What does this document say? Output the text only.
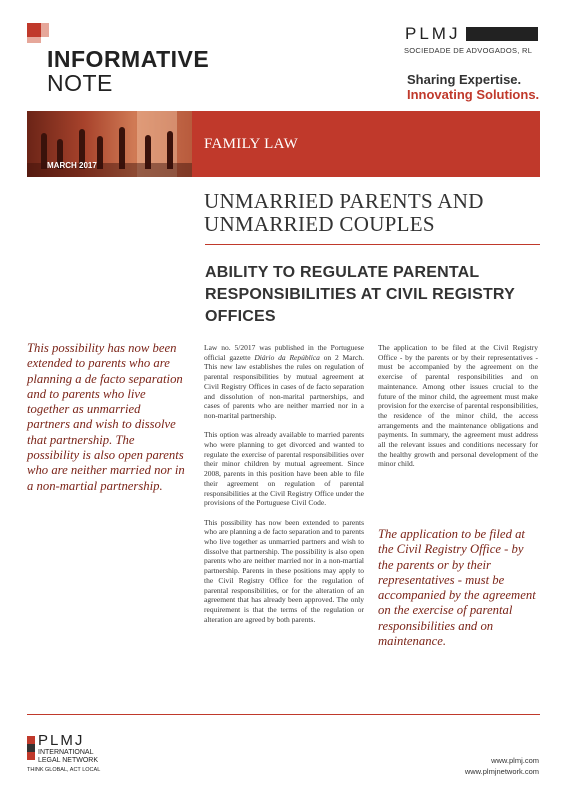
INFORMATIVE
NOTE
PLMJ
SOCIEDADE DE ADVOGADOS, RL
Sharing Expertise.
Innovating Solutions.
MARCH 2017
FAMILY LAW
UNMARRIED PARENTS AND
UNMARRIED COUPLES
ABILITY TO REGULATE PARENTAL
RESPONSIBILITIES AT CIVIL REGISTRY
OFFICES
This possibility has now been extended to parents who are planning a de facto separation and to parents who live together as unmarried partners and wish to dissolve that partnership. The possibility is also open parents who are neither married nor in a non-martial partnership.

Law no. 5/2017 was published in the Portuguese official gazette Diário da República on 2 March. This new law establishes the rules on regulation of parental responsibilities by mutual agreement at Civil Registry Offices in cases of de facto separation and dissolution of non-marital partnerships, and cases of parents who are neither married nor in a non-marital partnership.

This option was already available to married parents who were planning to get divorced and wanted to regulate the exercise of parental responsibilities over their minor children by mutual agreement. Since 2008, parents in this position have been able to file their agreement on regulation of parental responsibilities at the Civil Registry Office under the provisions of the Portuguese Civil Code.

This possibility has now been extended to parents who are planning a de facto separation and to parents who live together as unmarried partners and wish to dissolve that partnership. The possibility is also open parents who are neither married nor in a non-martial partnership. Parents in these positions may apply to the Civil Registry Office for the regulation of parental responsibilities, or for the alteration of an agreement that has already been approved. The only requirement is that the terms of the regulation or alteration are agreed by both parents.

The application to be filed at the Civil Registry Office - by the parents or by their representatives - must be accompanied by the agreement on the exercise of parental responsibilities and on maintenance. Among other issues crucial to the future of the minor child, the agreement must make provision for the exercise of parental responsibilities, the residence of the minor child, the access arrangements and the maintenance obligations and payments. In summary, the agreement must address all the relevant issues and conditions necessary for the healthy growth and personal development of the minor child.

The application to be filed at the Civil Registry Office - by the parents or by their representatives - must be accompanied by the agreement on the exercise of parental responsibilities and on maintenance.
PLMJ
INTERNATIONAL
LEGAL NETWORK
THINK GLOBAL, ACT LOCAL
www.plmj.com
www.plmjnetwork.com
